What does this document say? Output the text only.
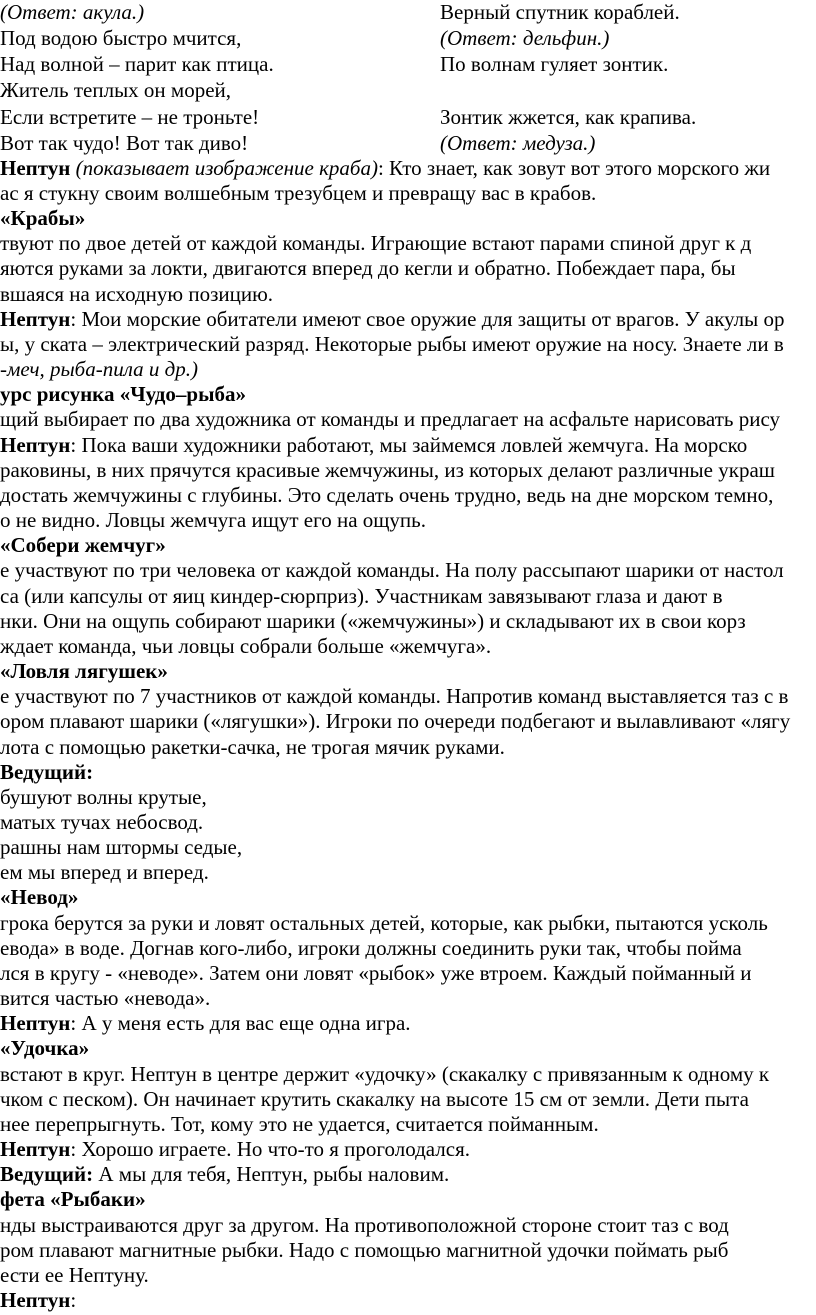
(Ответ: акула.)
Под водою быстро мчится,
Над волной – парит как птица.
Житель теплых он морей,
Если встретите – не троньте!
Вот так чудо! Вот так диво!
Верный спутник кораблей.
(Ответ: дельфин.)
По волнам гуляет зонтик.
Зонтик жжется, как крапива.
(Ответ: медуза.)
Нептун (показывает изображение краба): Кто знает, как зовут вот этого морского жи
ас я стукну своим волшебным трезубцем и превращу вас в крабов.
«Крабы»
твуют по двое детей от каждой команды. Играющие встают парами спиной друг к д
яются руками за локти, двигаются вперед до кегли и обратно. Побеждает пара, бы
вшаяся на исходную позицию.
Нептун: Мои морские обитатели имеют свое оружие для защиты от врагов. У акулы ор
ы, у ската – электрический разряд. Некоторые рыбы имеют оружие на носу. Знаете ли в
-меч, рыба-пила и др.)
урс рисунка «Чудо–рыба»
щий выбирает по два художника от команды и предлагает на асфальте нарисовать рису
Нептун: Пока ваши художники работают, мы займемся ловлей жемчуга. На морско
раковины, в них прячутся красивые жемчужины, из которых делают различные украш
достать жемчужины с глубины. Это сделать очень трудно, ведь на дне морском темно,
о не видно. Ловцы жемчуга ищут его на ощупь.
«Собери жемчуг»
е участвуют по три человека от каждой команды. На полу рассыпают шарики от настол
са (или капсулы от яиц киндер-сюрприз). Участникам завязывают глаза и дают в
нки. Они на ощупь собирают шарики («жемчужины») и складывают их в свои корз
ждает команда, чьи ловцы собрали больше «жемчуга».
«Ловля лягушек»
е участвуют по 7 участников от каждой команды. Напротив команд выставляется таз с в
ором плавают шарики («лягушки»). Игроки по очереди подбегают и вылавливают «лягу
лота с помощью ракетки-сачка, не трогая мячик руками.
Ведущий:
бушуют волны крутые,
матых тучах небосвод.
рашны нам штормы седые,
ем мы вперед и вперед.
«Невод»
грока берутся за руки и ловят остальных детей, которые, как рыбки, пытаются усколь
евода» в воде. Догнав кого-либо, игроки должны соединить руки так, чтобы пойма
лся в кругу - «неводе». Затем они ловят «рыбок» уже втроем. Каждый пойманный и
вится частью «невода».
Нептун: А у меня есть для вас еще одна игра.
«Удочка»
встают в круг. Нептун в центре держит «удочку» (скакалку с привязанным к одному к
чком с песком). Он начинает крутить скакалку на высоте 15 см от земли. Дети пыта
нее перепрыгнуть. Тот, кому это не удается, считается пойманным.
Нептун: Хорошо играете. Но что-то я проголодался.
Ведущий: А мы для тебя, Нептун, рыбы наловим.
фета «Рыбаки»
нды выстраиваются друг за другом. На противоположной стороне стоит таз с вод
ром плавают магнитные рыбки. Надо с помощью магнитной удочки поймать рыб
ести ее Нептуну.
Нептун:
